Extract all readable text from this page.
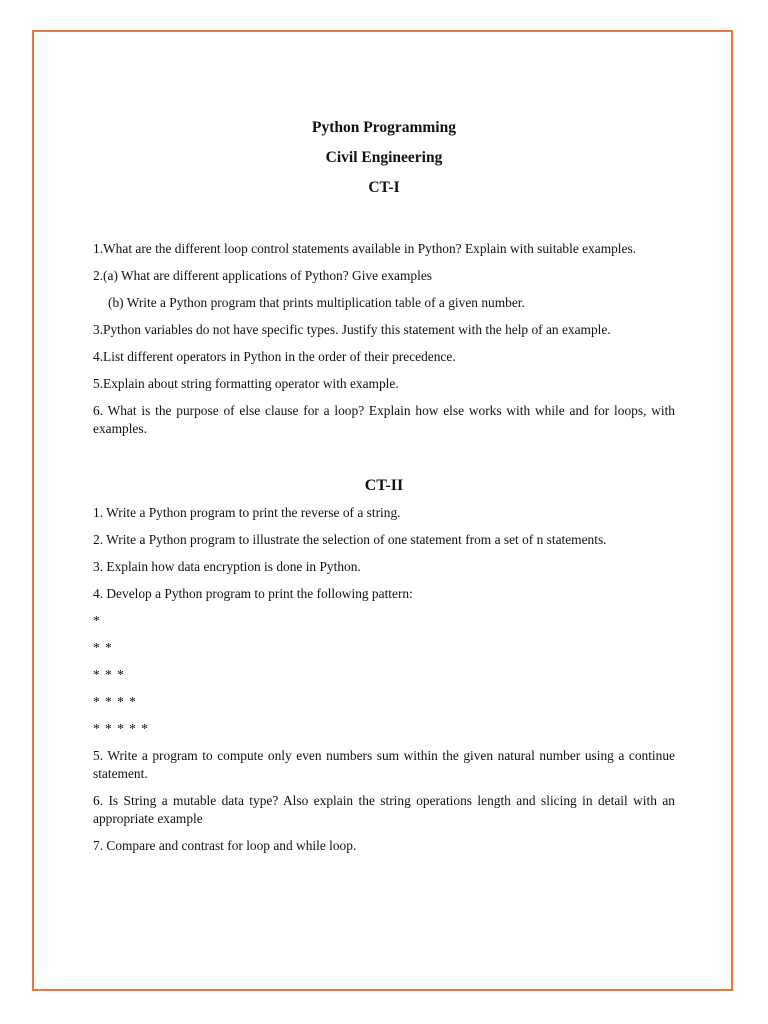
Python Programming
Civil Engineering
CT-I

1.What are the different loop control statements available in Python? Explain with suitable examples.

2.(a) What are different applications of Python? Give examples

(b) Write a Python program that prints multiplication table of a given number.

3.Python variables do not have specific types. Justify this statement with the help of an example.

4.List different operators in Python in the order of their precedence.

5.Explain about string formatting operator with example.

6. What is the purpose of else clause for a loop? Explain how else works with while and for loops, with examples.

CT-II

1. Write a Python program to print the reverse of a string.

2. Write a Python program to illustrate the selection of one statement from a set of n statements.

3. Explain how data encryption is done in Python.

4. Develop a Python program to print the following pattern:

*

* *

* * *

* * * *

* * * * *

5. Write a program to compute only even numbers sum within the given natural number using a continue statement.

6. Is String a mutable data type? Also explain the string operations length and slicing in detail with an appropriate example

7. Compare and contrast for loop and while loop.
